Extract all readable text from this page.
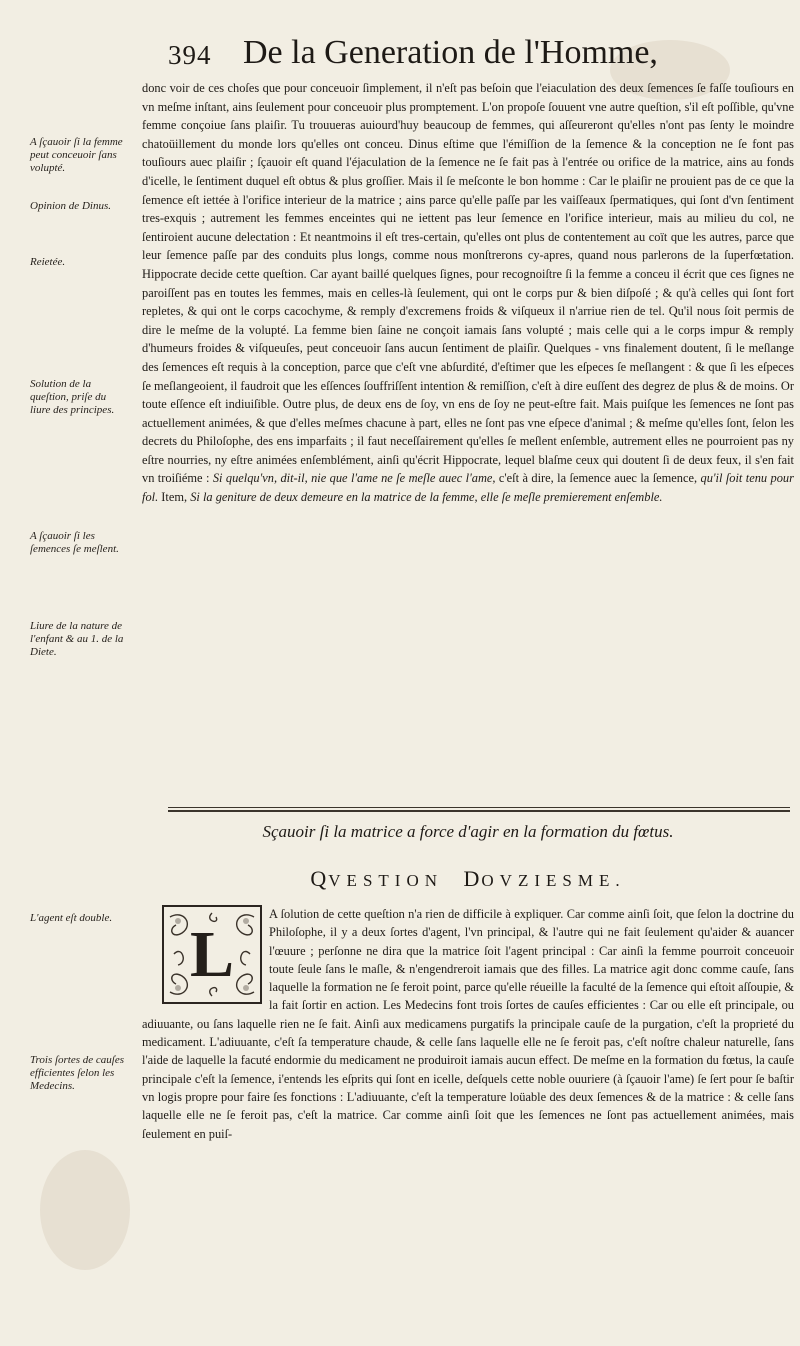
394 De la Generation de l'Homme,
A ſçauoir ſi la femme peut conceuoir ſans volupté.
Opinion de Dinus.
Reietée.
Solution de la queſtion, priſe du liure des principes.
A ſçauoir ſi les ſemences ſe meſlent.
Liure de la nature de l'enfant & au 1. de la Diete.
L'agent eſt double.
Trois ſortes de cauſes efficientes ſelon les Medecins.

donc voir de ces choſes que pour conceuoir ſimplement, il n'eſt pas beſoin que l'eiaculation des deux ſemences ſe faſſe touſiours en vn meſme inſtant, ains ſeulement pour conceuoir plus promptement. L'on propoſe ſouuent vne autre queſtion, s'il eſt poſſible, qu'vne femme conçoiue ſans plaiſir. Tu trouueras auiourd'huy beaucoup de femmes, qui aſſeureront qu'elles n'ont pas ſenty le moindre chatoüillement du monde lors qu'elles ont conceu. Dinus eſtime que l'émiſſion de la ſemence & la conception ne ſe font pas touſiours auec plaiſir ; ſçauoir eſt quand l'éjaculation de la ſemence ne ſe fait pas à l'entrée ou orifice de la matrice, ains au fonds d'icelle, le ſentiment duquel eſt obtus & plus groſſier. Mais il ſe meſconte le bon homme : Car le plaiſir ne prouient pas de ce que la ſemence eſt iettée à l'orifice interieur de la matrice ; ains parce qu'elle paſſe par les vaiſſeaux ſpermatiques, qui ſont d'vn ſentiment tres-exquis ; autrement les femmes enceintes qui ne iettent pas leur ſemence en l'orifice interieur, mais au milieu du col, ne ſentiroient aucune delectation : Et neantmoins il eſt tres-certain, qu'elles ont plus de contentement au coït que les autres, parce que leur ſemence paſſe par des conduits plus longs, comme nous monſtrerons cy-apres, quand nous parlerons de la ſuperfœtation. Hippocrate decide cette queſtion. Car ayant baillé quelques ſignes, pour recognoiſtre ſi la femme a conceu il écrit que ces ſignes ne paroiſſent pas en toutes les femmes, mais en celles-là ſeulement, qui ont le corps pur & bien diſpoſé ; & qu'à celles qui ſont fort repletes, & qui ont le corps cacochyme, & remply d'excremens froids & viſqueux il n'arriue rien de tel. Qu'il nous ſoit permis de dire le meſme de la volupté. La femme bien ſaine ne conçoit iamais ſans volupté ; mais celle qui a le corps impur & remply d'humeurs froides & viſqueuſes, peut conceuoir ſans aucun ſentiment de plaiſir. Quelques - vns finalement doutent, ſi le meſlange des ſemences eſt requis à la conception, parce que c'eſt vne abſurdité, d'eſtimer que les eſpeces ſe meſlangent : & que ſi les eſpeces ſe meſlangeoient, il faudroit que les eſſences ſouffriſſent intention & remiſſion, c'eſt à dire euſſent des degrez de plus & de moins. Or toute eſſence eſt indiuiſible. Outre plus, de deux ens de ſoy, vn ens de ſoy ne peut-eſtre fait. Mais puiſque les ſemences ne ſont pas actuellement animées, & que d'elles meſmes chacune à part, elles ne ſont pas vne eſpece d'animal ; & meſme qu'elles ſont, ſelon les decrets du Philoſophe, des ens imparfaits ; il faut neceſſairement qu'elles ſe meſlent enſemble, autrement elles ne pourroient pas ny eſtre nourries, ny eſtre animées enſemblément, ainſi qu'écrit Hippocrate, lequel blaſme ceux qui doutent ſi de deux feux, il s'en fait vn troiſiéme : Si quelqu'vn, dit-il, nie que l'ame ne ſe meſle auec l'ame, c'eſt à dire, la ſemence auec la ſemence, qu'il ſoit tenu pour fol. Item, Si la geniture de deux demeure en la matrice de la femme, elle ſe meſle premierement enſemble.

Sçauoir ſi la matrice a force d'agir en la formation du fœtus.
QVESTION DOVZIESME.

A ſolution de cette queſtion n'a rien de difficile à expliquer. Car comme ainſi ſoit, que ſelon la doctrine du Philoſophe, il y a deux ſortes d'agent, l'vn principal, & l'autre qui ne fait ſeulement qu'aider & auancer l'œuure ; perſonne ne dira que la matrice ſoit l'agent principal : Car ainſi la femme pourroit conceuoir toute ſeule ſans le maſle, & n'engendreroit iamais que des filles. La matrice agit donc comme cauſe, ſans laquelle la formation ne ſe feroit point, parce qu'elle réueille la faculté de la ſemence qui eſtoit aſſoupie, & la fait ſortir en action. Les Medecins font trois ſortes de cauſes efficientes : Car ou elle eſt principale, ou adiuuante, ou ſans laquelle rien ne ſe fait. Ainſi aux medicamens purgatifs la principale cauſe de la purgation, c'eſt la proprieté du medicament. L'adiuuante, c'eſt ſa temperature chaude, & celle ſans laquelle elle ne ſe feroit pas, c'eſt noſtre chaleur naturelle, ſans l'aide de laquelle la facuté endormie du medicament ne produiroit iamais aucun effect. De meſme en la formation du fœtus, la cauſe principale c'eſt la ſemence, i'entends les eſprits qui ſont en icelle, deſquels cette noble ouuriere (à ſçauoir l'ame) ſe ſert pour ſe baſtir vn logis propre pour faire ſes fonctions : L'adiuuante, c'eſt la temperature loüable des deux ſemences & de la matrice : & celle ſans laquelle elle ne ſe feroit pas, c'eſt la matrice. Car comme ainſi ſoit que les ſemences ne ſont pas actuellement animées, mais ſeulement en puiſ-

L
